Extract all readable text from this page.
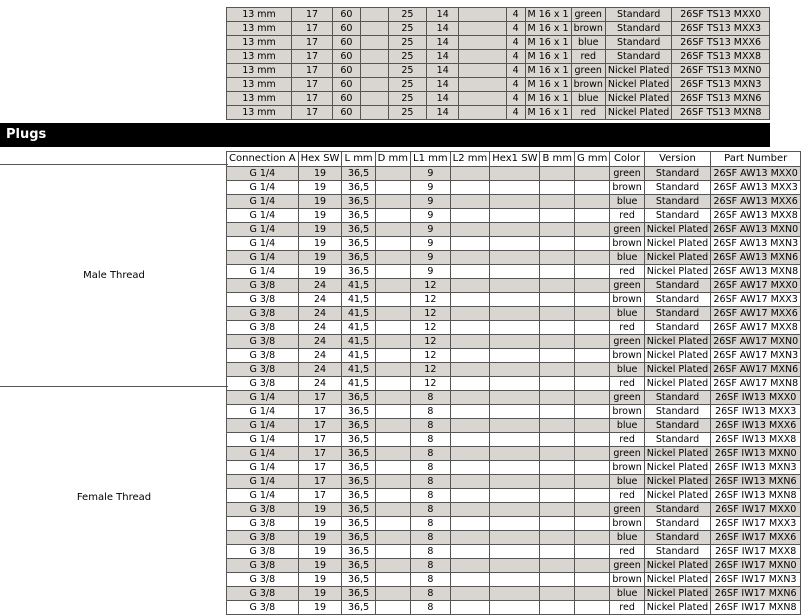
13 mm	17	60		25	14		4	M 16 x 1	green	Standard	26SF TS13 MXX0
13 mm	17	60		25	14		4	M 16 x 1	brown	Standard	26SF TS13 MXX3
13 mm	17	60		25	14		4	M 16 x 1	blue	Standard	26SF TS13 MXX6
13 mm	17	60		25	14		4	M 16 x 1	red	Standard	26SF TS13 MXX8
13 mm	17	60		25	14		4	M 16 x 1	green	Nickel Plated	26SF TS13 MXN0
13 mm	17	60		25	14		4	M 16 x 1	brown	Nickel Plated	26SF TS13 MXN3
13 mm	17	60		25	14		4	M 16 x 1	blue	Nickel Plated	26SF TS13 MXN6
13 mm	17	60		25	14		4	M 16 x 1	red	Nickel Plated	26SF TS13 MXN8
Plugs
Connection A	Hex SW	L mm	D mm	L1 mm	L2 mm	Hex1 SW	B mm	G mm	Color	Version	Part Number
G 1/4	19	36,5		9					green	Standard	26SF AW13 MXX0
G 1/4	19	36,5		9					brown	Standard	26SF AW13 MXX3
G 1/4	19	36,5		9					blue	Standard	26SF AW13 MXX6
G 1/4	19	36,5		9					red	Standard	26SF AW13 MXX8
G 1/4	19	36,5		9					green	Nickel Plated	26SF AW13 MXN0
G 1/4	19	36,5		9					brown	Nickel Plated	26SF AW13 MXN3
G 1/4	19	36,5		9					blue	Nickel Plated	26SF AW13 MXN6
G 1/4	19	36,5		9					red	Nickel Plated	26SF AW13 MXN8
G 3/8	24	41,5		12					green	Standard	26SF AW17 MXX0
G 3/8	24	41,5		12					brown	Standard	26SF AW17 MXX3
G 3/8	24	41,5		12					blue	Standard	26SF AW17 MXX6
G 3/8	24	41,5		12					red	Standard	26SF AW17 MXX8
G 3/8	24	41,5		12					green	Nickel Plated	26SF AW17 MXN0
G 3/8	24	41,5		12					brown	Nickel Plated	26SF AW17 MXN3
G 3/8	24	41,5		12					blue	Nickel Plated	26SF AW17 MXN6
G 3/8	24	41,5		12					red	Nickel Plated	26SF AW17 MXN8
G 1/4	17	36,5		8					green	Standard	26SF IW13 MXX0
G 1/4	17	36,5		8					brown	Standard	26SF IW13 MXX3
G 1/4	17	36,5		8					blue	Standard	26SF IW13 MXX6
G 1/4	17	36,5		8					red	Standard	26SF IW13 MXX8
G 1/4	17	36,5		8					green	Nickel Plated	26SF IW13 MXN0
G 1/4	17	36,5		8					brown	Nickel Plated	26SF IW13 MXN3
G 1/4	17	36,5		8					blue	Nickel Plated	26SF IW13 MXN6
G 1/4	17	36,5		8					red	Nickel Plated	26SF IW13 MXN8
G 3/8	19	36,5		8					green	Standard	26SF IW17 MXX0
G 3/8	19	36,5		8					brown	Standard	26SF IW17 MXX3
G 3/8	19	36,5		8					blue	Standard	26SF IW17 MXX6
G 3/8	19	36,5		8					red	Standard	26SF IW17 MXX8
G 3/8	19	36,5		8					green	Nickel Plated	26SF IW17 MXN0
G 3/8	19	36,5		8					brown	Nickel Plated	26SF IW17 MXN3
G 3/8	19	36,5		8					blue	Nickel Plated	26SF IW17 MXN6
G 3/8	19	36,5		8					red	Nickel Plated	26SF IW17 MXN8
Male Thread
Female Thread
